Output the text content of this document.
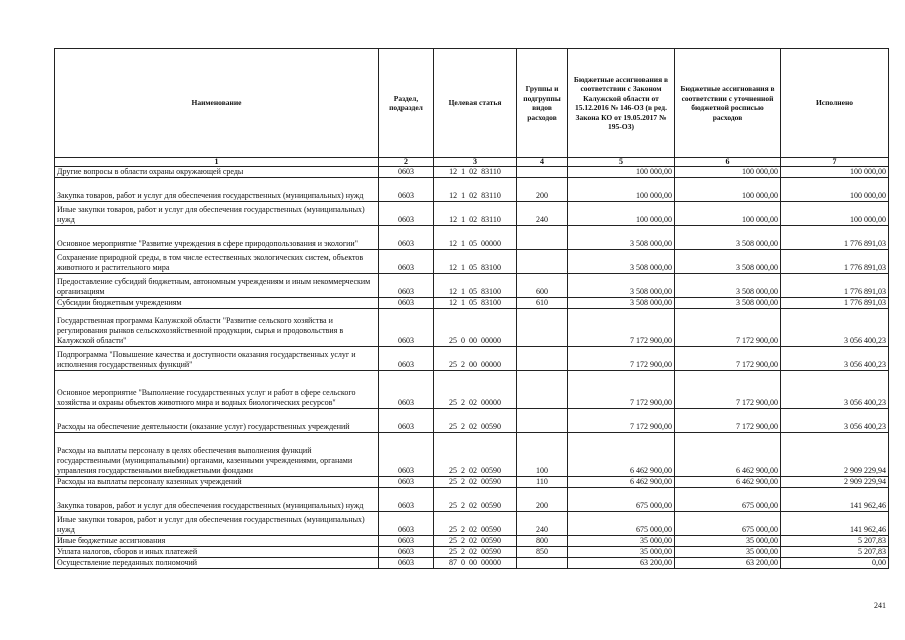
Наименование	Раздел, подраздел	Целевая статья	Группы и подгруппы видов расходов	Бюджетные ассигнования в соответствии с Законом Калужской области от 15.12.2016 № 146-ОЗ (в ред. Закона КО от 19.05.2017 № 195-ОЗ)	Бюджетные ассигнования в соответствии с уточненной бюджетной росписью расходов	Исполнено
1	2	3	4	5	6	7
Другие вопросы в области охраны окружающей среды	0603	12  1  02  83110		100 000,00	100 000,00	100 000,00
Закупка товаров, работ и услуг для обеспечения государственных (муниципальных) нужд	0603	12  1  02  83110	200	100 000,00	100 000,00	100 000,00
Иные закупки товаров, работ и услуг для обеспечения государственных (муниципальных) нужд	0603	12  1  02  83110	240	100 000,00	100 000,00	100 000,00
Основное мероприятие "Развитие учреждения в сфере природопользования и экологии"	0603	12  1  05  00000		3 508 000,00	3 508 000,00	1 776 891,03
Сохранение природной среды, в том числе естественных экологических систем, объектов животного и растительного мира	0603	12  1  05  83100		3 508 000,00	3 508 000,00	1 776 891,03
Предоставление субсидий бюджетным, автономным учреждениям и иным некоммерческим организациям	0603	12  1  05  83100	600	3 508 000,00	3 508 000,00	1 776 891,03
Субсидии бюджетным учреждениям	0603	12  1  05  83100	610	3 508 000,00	3 508 000,00	1 776 891,03
Государственная программа Калужской области "Развитие сельского хозяйства и регулирования рынков сельскохозяйственной продукции, сырья и продовольствия в Калужской области"	0603	25  0  00  00000		7 172 900,00	7 172 900,00	3 056 400,23
Подпрограмма "Повышение качества и доступности оказания государственных услуг и исполнения государственных функций"	0603	25  2  00  00000		7 172 900,00	7 172 900,00	3 056 400,23
Основное мероприятие "Выполнение государственных услуг и работ в сфере сельского хозяйства и охраны объектов животного мира и водных биологических ресурсов"	0603	25  2  02  00000		7 172 900,00	7 172 900,00	3 056 400,23
Расходы на обеспечение деятельности (оказание услуг) государственных учреждений	0603	25  2  02  00590		7 172 900,00	7 172 900,00	3 056 400,23
Расходы на выплаты персоналу в целях обеспечения выполнения функций государственными (муниципальными) органами, казенными учреждениями, органами управления государственными внебюджетными фондами	0603	25  2  02  00590	100	6 462 900,00	6 462 900,00	2 909 229,94
Расходы на выплаты персоналу казенных учреждений	0603	25  2  02  00590	110	6 462 900,00	6 462 900,00	2 909 229,94
Закупка товаров, работ и услуг для обеспечения государственных (муниципальных) нужд	0603	25  2  02  00590	200	675 000,00	675 000,00	141 962,46
Иные закупки товаров, работ и услуг для обеспечения государственных (муниципальных) нужд	0603	25  2  02  00590	240	675 000,00	675 000,00	141 962,46
Иные бюджетные ассигнования	0603	25  2  02  00590	800	35 000,00	35 000,00	5 207,83
Уплата налогов, сборов и иных платежей	0603	25  2  02  00590	850	35 000,00	35 000,00	5 207,83
Осуществление переданных полномочий	0603	87  0  00  00000		63 200,00	63 200,00	0,00
241
